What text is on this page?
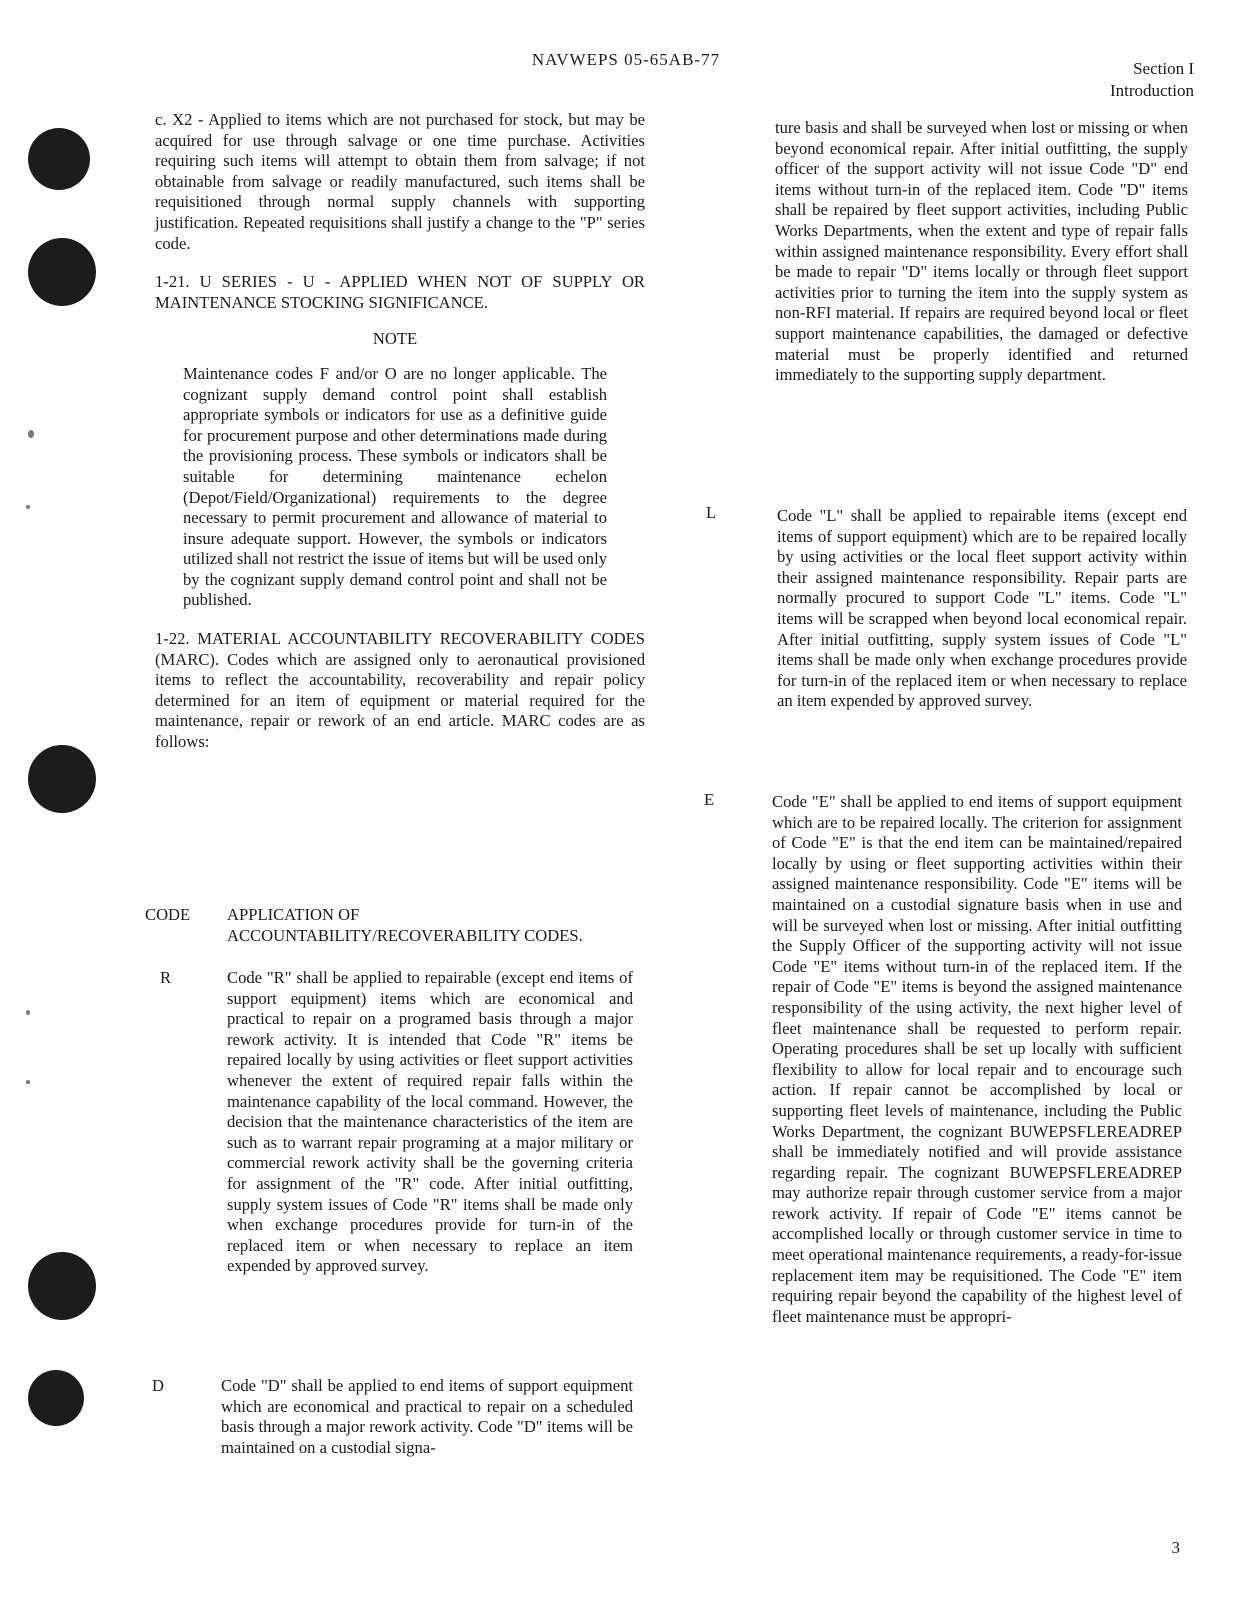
NAVWEPS 05-65AB-77	Section I
Introduction

c. X2 - Applied to items which are not purchased for stock, but may be acquired for use through salvage or one time purchase. Activities requiring such items will attempt to obtain them from salvage; if not obtainable from salvage or readily manufactured, such items shall be requisitioned through normal supply channels with supporting justification. Repeated requisitions shall justify a change to the "P" series code.

1-21. U SERIES - U - APPLIED WHEN NOT OF SUPPLY OR MAINTENANCE STOCKING SIGNIFICANCE.

NOTE

Maintenance codes F and/or O are no longer applicable. The cognizant supply demand control point shall establish appropriate symbols or indicators for use as a definitive guide for procurement purpose and other determinations made during the provisioning process. These symbols or indicators shall be suitable for determining maintenance echelon (Depot/Field/Organizational) requirements to the degree necessary to permit procurement and allowance of material to insure adequate support. However, the symbols or indicators utilized shall not restrict the issue of items but will be used only by the cognizant supply demand control point and shall not be published.

1-22. MATERIAL ACCOUNTABILITY RECOVERABILITY CODES (MARC). Codes which are assigned only to aeronautical provisioned items to reflect the accountability, recoverability and repair policy determined for an item of equipment or material required for the maintenance, repair or rework of an end article. MARC codes are as follows:

CODE APPLICATION OF ACCOUNTABILITY/RECOVERABILITY CODES.
R	Code "R" shall be applied to repairable (except end items of support equipment) items which are economical and practical to repair on a programed basis through a major rework activity. It is intended that Code "R" items be repaired locally by using activities or fleet support activities whenever the extent of required repair falls within the maintenance capability of the local command. However, the decision that the maintenance characteristics of the item are such as to warrant repair programing at a major military or commercial rework activity shall be the governing criteria for assignment of the "R" code. After initial outfitting, supply system issues of Code "R" items shall be made only when exchange procedures provide for turn-in of the replaced item or when necessary to replace an item expended by approved survey.
D	Code "D" shall be applied to end items of support equipment which are economical and practical to repair on a scheduled basis through a major rework activity. Code "D" items will be maintained on a custodial signa-
ture basis and shall be surveyed when lost or missing or when beyond economical repair. After initial outfitting, the supply officer of the support activity will not issue Code "D" end items without turn-in of the replaced item. Code "D" items shall be repaired by fleet support activities, including Public Works Departments, when the extent and type of repair falls within assigned maintenance responsibility. Every effort shall be made to repair "D" items locally or through fleet support activities prior to turning the item into the supply system as non-RFI material. If repairs are required beyond local or fleet support maintenance capabilities, the damaged or defective material must be properly identified and returned immediately to the supporting supply department.
L	Code "L" shall be applied to repairable items (except end items of support equipment) which are to be repaired locally by using activities or the local fleet support activity within their assigned maintenance responsibility. Repair parts are normally procured to support Code "L" items. Code "L" items will be scrapped when beyond local economical repair. After initial outfitting, supply system issues of Code "L" items shall be made only when exchange procedures provide for turn-in of the replaced item or when necessary to replace an item expended by approved survey.
E	Code "E" shall be applied to end items of support equipment which are to be repaired locally. The criterion for assignment of Code "E" is that the end item can be maintained/repaired locally by using or fleet supporting activities within their assigned maintenance responsibility. Code "E" items will be maintained on a custodial signature basis when in use and will be surveyed when lost or missing. After initial outfitting the Supply Officer of the supporting activity will not issue Code "E" items without turn-in of the replaced item. If the repair of Code "E" items is beyond the assigned maintenance responsibility of the using activity, the next higher level of fleet maintenance shall be requested to perform repair. Operating procedures shall be set up locally with sufficient flexibility to allow for local repair and to encourage such action. If repair cannot be accomplished by local or supporting fleet levels of maintenance, including the Public Works Department, the cognizant BUWEPSFLEREADREP shall be immediately notified and will provide assistance regarding repair. The cognizant BUWEPSFLEREADREP may authorize repair through customer service from a major rework activity. If repair of Code "E" items cannot be accomplished locally or through customer service in time to meet operational maintenance requirements, a ready-for-issue replacement item may be requisitioned. The Code "E" item requiring repair beyond the capability of the highest level of fleet maintenance must be appropri-
3
